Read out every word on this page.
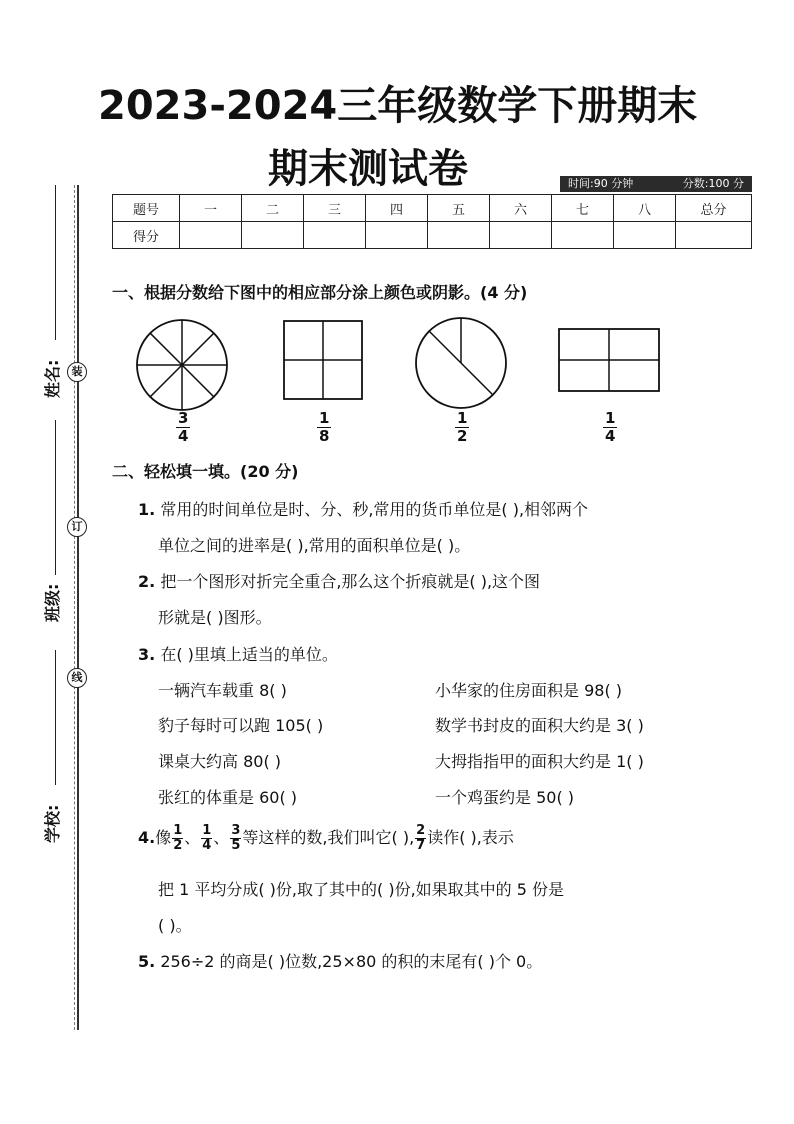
姓名:
班级:
学校:
装
订
线
2023-2024三年级数学下册期末
期末测试卷	时间:90 分钟	分数:100 分
题号	一	二	三	四	五	六	七	八	总分
得分									
一、根据分数给下图中的相应部分涂上颜色或阴影。(4 分)
$\frac{3}{4}$	$\frac{1}{8}$	$\frac{1}{2}$	$\frac{1}{4}$
二、轻松填一填。(20 分)
1. 常用的时间单位是时、分、秒,常用的货币单位是( ),相邻两个
单位之间的进率是( ),常用的面积单位是( )。
2. 把一个图形对折完全重合,那么这个折痕就是( ),这个图
形就是( )图形。
3. 在( )里填上适当的单位。
一辆汽车载重 8( )	小华家的住房面积是 98( )
豹子每时可以跑 105( )	数学书封皮的面积大约是 3( )
课桌大约高 80( )	大拇指指甲的面积大约是 1( )
张红的体重是 60( )	一个鸡蛋约是 50( )
4.像 $\frac{1}{2}$ 、 $\frac{1}{4}$ 、 $\frac{3}{5}$ 等这样的数,我们叫它( ), $\frac{2}{7}$ 读作( ),表示
把 1 平均分成( )份,取了其中的( )份,如果取其中的 5 份是
( )。
5. 256÷2 的商是( )位数,25×80 的积的末尾有( )个 0。
